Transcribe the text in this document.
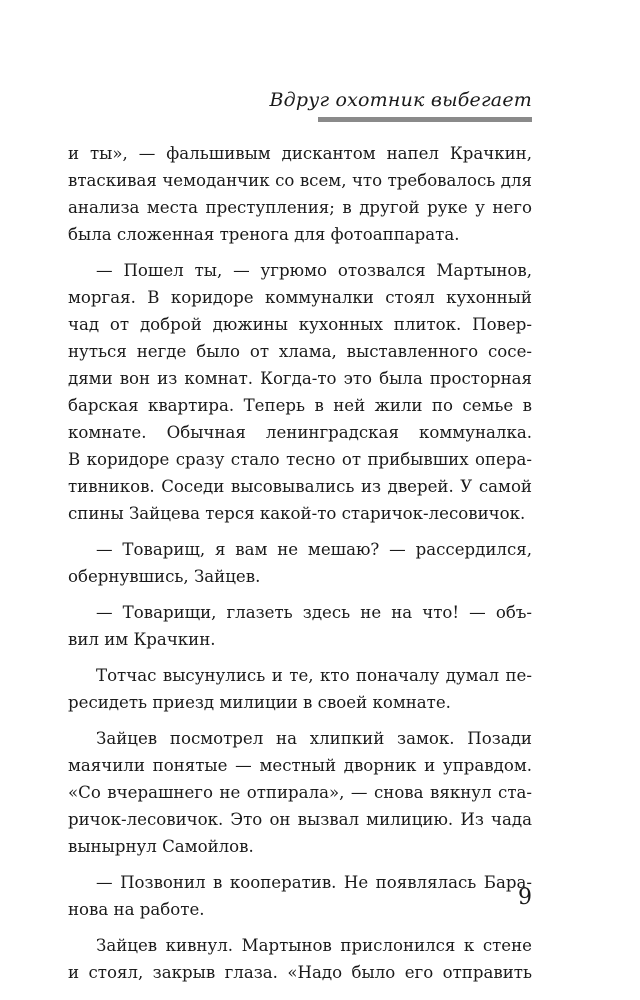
Вдруг охотник выбегает
и ты», — фальшивым дискантом напел Крачкин,
втаскивая чемоданчик со всем, что требовалось для
анализа места преступления; в другой руке у него
была сложенная тренога для фотоаппарата.
— Пошел ты, — угрюмо отозвался Мартынов,
моргая. В коридоре коммуналки стоял кухонный
чад от доброй дюжины кухонных плиток. Повер-
нуться негде было от хлама, выставленного сосе-
дями вон из комнат. Когда-то это была просторная
барская квартира. Теперь в ней жили по семье в
комнате. Обычная ленинградская коммуналка.
В коридоре сразу стало тесно от прибывших опера-
тивников. Соседи высовывались из дверей. У самой
спины Зайцева терся какой-то старичок-лесовичок.
— Товарищ, я вам не мешаю? — рассердился,
обернувшись, Зайцев.
— Товарищи, глазеть здесь не на что! — объ-
вил им Крачкин.
Тотчас высунулись и те, кто поначалу думал пе-
ресидеть приезд милиции в своей комнате.
Зайцев посмотрел на хлипкий замок. Позади
маячили понятые — местный дворник и управдом.
«Со вчерашнего не отпирала», — снова вякнул ста-
ричок-лесовичок. Это он вызвал милицию. Из чада
вынырнул Самойлов.
— Позвонил в кооператив. Не появлялась Бара-
нова на работе.
Зайцев кивнул. Мартынов прислонился к стене
и стоял, закрыв глаза. «Надо было его отправить
9
